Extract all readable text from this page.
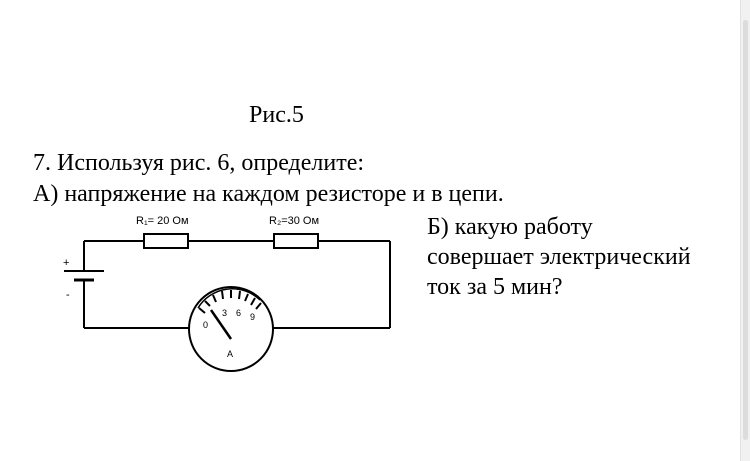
Рис.5
7. Используя рис. 6, определите:
А) напряжение на каждом резисторе и в цепи.
Б) какую работу
совершает электрический
ток за 5 мин?
R₁= 20 Ом	R₂=30 Ом
+
-
0
3 6 9
A
